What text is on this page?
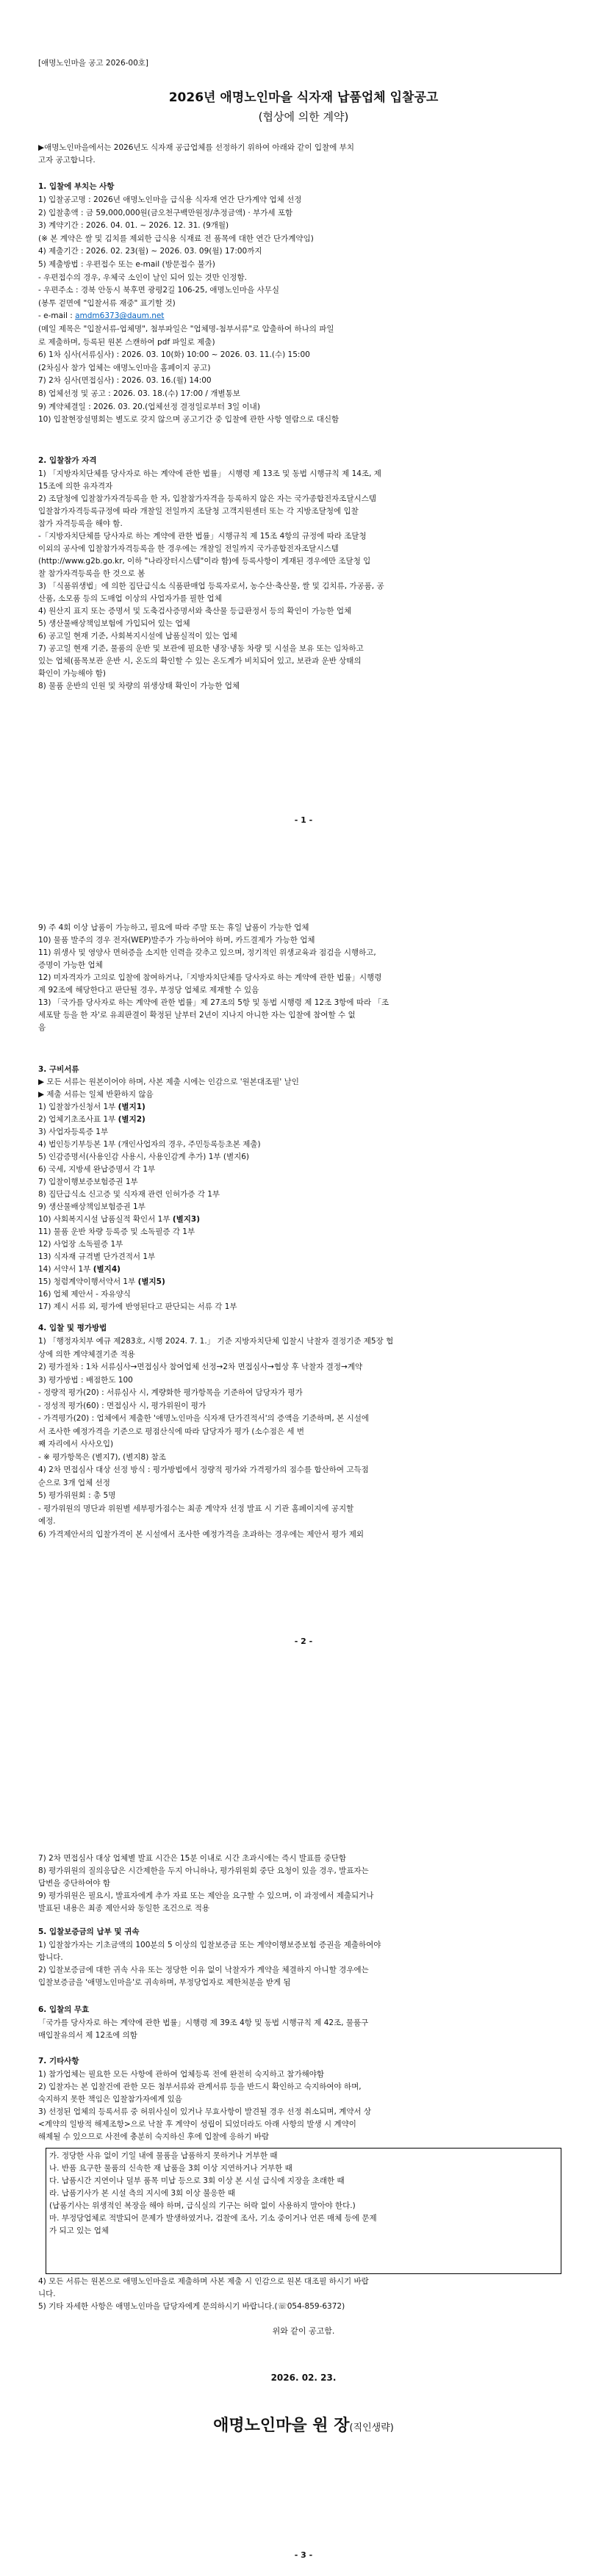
[애명노인마을 공고 2026-00호]
2026년 애명노인마을 식자재 납품업체 입찰공고
(협상에 의한 계약)
▶애명노인마을에서는 2026년도 식자재 공급업체를 선정하기 위하여 아래와 같이 입찰에 부치
고자 공고합니다.
1. 입찰에 부치는 사항
1) 입찰공고명 : 2026년 애명노인마을 급식용 식자재 연간 단가계약 업체 선정
2) 입찰총액 : 금 59,000,000원(금오천구백만원정/추정금액) · 부가세 포함
3) 계약기간 : 2026. 04. 01. ~ 2026. 12. 31. (9개월)
(※ 본 계약은 쌀 및 김치를 제외한 급식용 식재료 전 품목에 대한 연간 단가계약임)
4) 제출기간 : 2026. 02. 23(월) ~ 2026. 03. 09(월) 17:00까지
5) 제출방법 : 우편접수 또는 e-mail (방문접수 불가)
- 우편접수의 경우, 우체국 소인이 날인 되어 있는 것만 인정함.
- 우편주소 : 경북 안동시 북후면 광평2길 106-25, 애명노인마을 사무실
(봉투 겉면에 "입찰서류 재중" 표기할 것)
- e-mail : amdm6373@daum.net
(메일 제목은 "입찰서류-업체명", 첨부파일은 "업체명-첨부서류"로 압출하여 하나의 파일
로 제출하며, 등록된 원본 스캔하여 pdf 파일로 제출)
6) 1차 심사(서류심사) : 2026. 03. 10(화) 10:00 ~ 2026. 03. 11.(수) 15:00
(2차심사 참가 업체는 애명노인마을 홈페이지 공고)
7) 2차 심사(면접심사) : 2026. 03. 16.(월) 14:00
8) 업체선정 및 공고 : 2026. 03. 18.(수) 17:00 / 개별통보
9) 계약체결일 : 2026. 03. 20.(업체선정 결정일로부터 3일 이내)
10) 입찰현장설명회는 별도로 갖지 않으며 공고기간 중 입찰에 관한 사항 열람으로 대신함
2. 입찰참가 자격
1) 「지방자치단체를 당사자로 하는 계약에 관한 법률」 시행령 제 13조 및 동법 시행규칙 제 14조, 제
15조에 의한 유자격자
2) 조달청에 입찰참가자격등록을 한 자, 입찰참가자격을 등록하지 않은 자는 국가종합전자조달시스템
입찰참가자격등록규정에 따라 개찰일 전일까지 조달청 고객지원센터 또는 각 지방조달청에 입찰
참가 자격등록을 해야 함.
-「지방자치단체를 당사자로 하는 계약에 관한 법률」시행규칙 제 15조 4항의 규정에 따라 조달청
이외의 공사에 입찰참가자격등록을 한 경우에는 개찰일 전일까지 국가종합전자조달시스템
(http://www.g2b.go.kr, 이하 "나라장터시스템"이라 함)에 등록사항이 게재된 경우에만 조달청 입
찰 참가자격등록을 한 것으로 봄
3) 「식품위생법」에 의한 집단급식소 식품판매업 등록자로서, 농수산·축산물, 쌀 및 김치류, 가공품, 공
산품, 소모품 등의 도매업 이상의 사업자가를 필한 업체
4) 원산지 표지 또는 증명서 및 도축검사증명서와 축산물 등급판정서 등의 확인이 가능한 업체
5) 생산물배상책임보험에 가입되어 있는 업체
6) 공고일 현재 기준, 사회복지시설에 납품실적이 있는 업체
7) 공고일 현재 기준, 물품의 운반 및 보관에 필요한 냉장·냉동 차량 및 시설을 보유 또는 임차하고
있는 업체(품목보관 운반 시, 온도의 확인할 수 있는 온도계가 비치되어 있고, 보관과 운반 상태의
확인이 가능해야 함)
8) 물품 운반의 인원 및 차량의 위생상태 확인이 가능한 업체
- 1 -
9) 주 4회 이상 납품이 가능하고, 필요에 따라 주말 또는 휴일 납품이 가능한 업체
10) 물품 발주의 경우 전자(WEP)발주가 가능하여야 하며, 카드결제가 가능한 업체
11) 위생사 및 영양사 면허증을 소지한 인력을 갖추고 있으며, 정기적인 위생교육과 점검을 시행하고,
증명이 가능한 업체
12) 미자격자가 고의로 입찰에 참여하거나,「지방자치단체를 당사자로 하는 계약에 관한 법률」시행령
제 92조에 해당한다고 판단될 경우, 부정당 업체로 제재할 수 있음
13) 「국가를 당사자로 하는 계약에 관한 법률」제 27조의 5항 및 동법 시행령 제 12조 3항에 따라 「조
세포탈 등을 한 자'로 유죄판결이 확정된 날부터 2년이 지나지 아니한 자는 입찰에 참여할 수 없
음
3. 구비서류
▶ 모든 서류는 원본이어야 하며, 사본 제출 시에는 인감으로 '원본대조필' 날인
▶ 제출 서류는 일체 반환하지 않음
1) 입찰참가신청서 1부 (별지1)
2) 업체기초조사표 1부 (별지2)
3) 사업자등록증 1부
4) 법인등기부등본 1부 (개인사업자의 경우, 주민등록등초본 제출)
5) 인감증명서(사용인감 사용시, 사용인감계 추가) 1부 (별지6)
6) 국세, 지방세 완납증명서 각 1부
7) 입찰이행보증보험증권 1부
8) 집단급식소 신고증 및 식자재 관련 인허가증 각 1부
9) 생산물배상책임보험증권 1부
10) 사회복지시설 납품실적 확인서 1부 (별지3)
11) 물품 운반 차량 등록증 및 소독필증 각 1부
12) 사업장 소독필증 1부
13) 식자재 규격별 단가견적서 1부
14) 서약서 1부 (별지4)
15) 청렴계약이행서약서 1부 (별지5)
16) 업체 제안서 - 자유양식
17) 제시 서류 외, 평가에 반영된다고 판단되는 서류 각 1부
4. 입찰 및 평가방법
1) 「행정자치부 예규 제283호, 시행 2024. 7. 1.」 기준 지방자치단체 입찰시 낙찰자 결정기준 제5장 협
상에 의한 계약체결기준 적용
2) 평가절차 : 1차 서류심사→면접심사 참여업체 선정→2차 면접심사→협상 후 낙찰자 결정→계약
3) 평가방법 : 배점한도 100
- 정량적 평가(20) : 서류심사 시, 계량화한 평가항목을 기준하여 담당자가 평가
- 정성적 평가(60) : 면접심사 시, 평가위원이 평가
- 가격평가(20) : 업체에서 제출한 '애명노인마을 식자재 단가견적서'의 증액을 기준하며, 본 시설에
서 조사한 예정가격을 기준으로 평점산식에 따라 담당자가 평가 (소수점은 세 번
째 자리에서 사사오입)
- ※ 평가항목은 (별지7), (별지8) 참조
4) 2차 면접심사 대상 선정 방식 : 평가방법에서 정량적 평가와 가격평가의 점수를 합산하여 고득점
순으로 3개 업체 선정
5) 평가위원회 : 총 5명
- 평가위원의 명단과 위원별 세부평가점수는 최종 계약자 선정 발표 시 기관 홈페이지에 공지할
예정.
6) 가격제안서의 입찰가격이 본 시설에서 조사한 예정가격을 초과하는 경우에는 제안서 평가 제외
- 2 -
7) 2차 면접심사 대상 업체별 발표 시간은 15분 이내로 시간 초과시에는 즉시 발표를 중단함
8) 평가위원의 질의응답은 시간제한을 두지 아니하나, 평가위원회 중단 요청이 있을 경우, 발표자는
답변을 중단하여야 함
9) 평가위원은 필요시, 발표자에게 추가 자료 또는 제안을 요구할 수 있으며, 이 과정에서 제출되거나
발표된 내용은 최종 제안서와 동일한 조건으로 적용
5. 입찰보증금의 납부 및 귀속
1) 입찰참가자는 기초금액의 100분의 5 이상의 입찰보증금 또는 계약이행보증보험 증권을 제출하여야
합니다.
2) 입찰보증금에 대한 귀속 사유 또는 정당한 이유 없이 낙찰자가 계약을 체결하지 아니할 경우에는
입찰보증금을 '애명노인마을'로 귀속하며, 부정당업자로 제한처분을 받게 됨
6. 입찰의 무효
「국가를 당사자로 하는 계약에 관한 법률」시행령 제 39조 4항 및 동법 시행규칙 제 42조, 물품구
매입찰유의서 제 12조에 의함
7. 기타사항
1) 참가업체는 필요한 모든 사항에 관하여 업체등록 전에 완전히 숙지하고 참가해야함
2) 입찰자는 본 입찰건에 관한 모든 첨부서류와 관계서류 등을 반드시 확인하고 숙지하여야 하며,
숙지하지 못한 책임은 입찰참가자에게 있음
3) 선정된 업체의 등록서류 중 허위사실이 있거나 무효사항이 발견될 경우 선정 취소되며, 계약서 상
<계약의 일방적 해제조항>으로 낙찰 후 계약이 성립이 되었더라도 아래 사항의 발생 시 계약이
해제될 수 있으므로 사전에 충분히 숙지하신 후에 입찰에 응하기 바람
가. 정당한 사유 없이 기일 내에 물품을 납품하지 못하거나 거부한 때
나. 반품 요구한 물품의 신속한 재 납품을 3회 이상 지연하거나 거부한 때
다. 납품시간 지연이나 덜부 품목 미납 등으로 3회 이상 본 시설 급식에 지장을 초래한 때
라. 납품기사가 본 시설 측의 지시에 3회 이상 불응한 때
(납품기사는 위생적인 복장을 해야 하며, 급식실의 기구는 허락 없이 사용하지 말아야 한다.)
마. 부정당업체로 적발되어 문제가 발생하였거나, 검찰에 조사, 기소 중이거나 언론 매체 등에 문제
가 되고 있는 업체
4) 모든 서류는 원본으로 애명노인마을로 제출하며 사본 제출 시 인감으로 원본 대조필 하시기 바랍
니다.
5) 기타 자세한 사항은 애명노인마을 담당자에게 문의하시기 바랍니다.(☏054-859-6372)
위와 같이 공고함.
2026. 02. 23.
애명노인마을 원 장(직인생략)
- 3 -
